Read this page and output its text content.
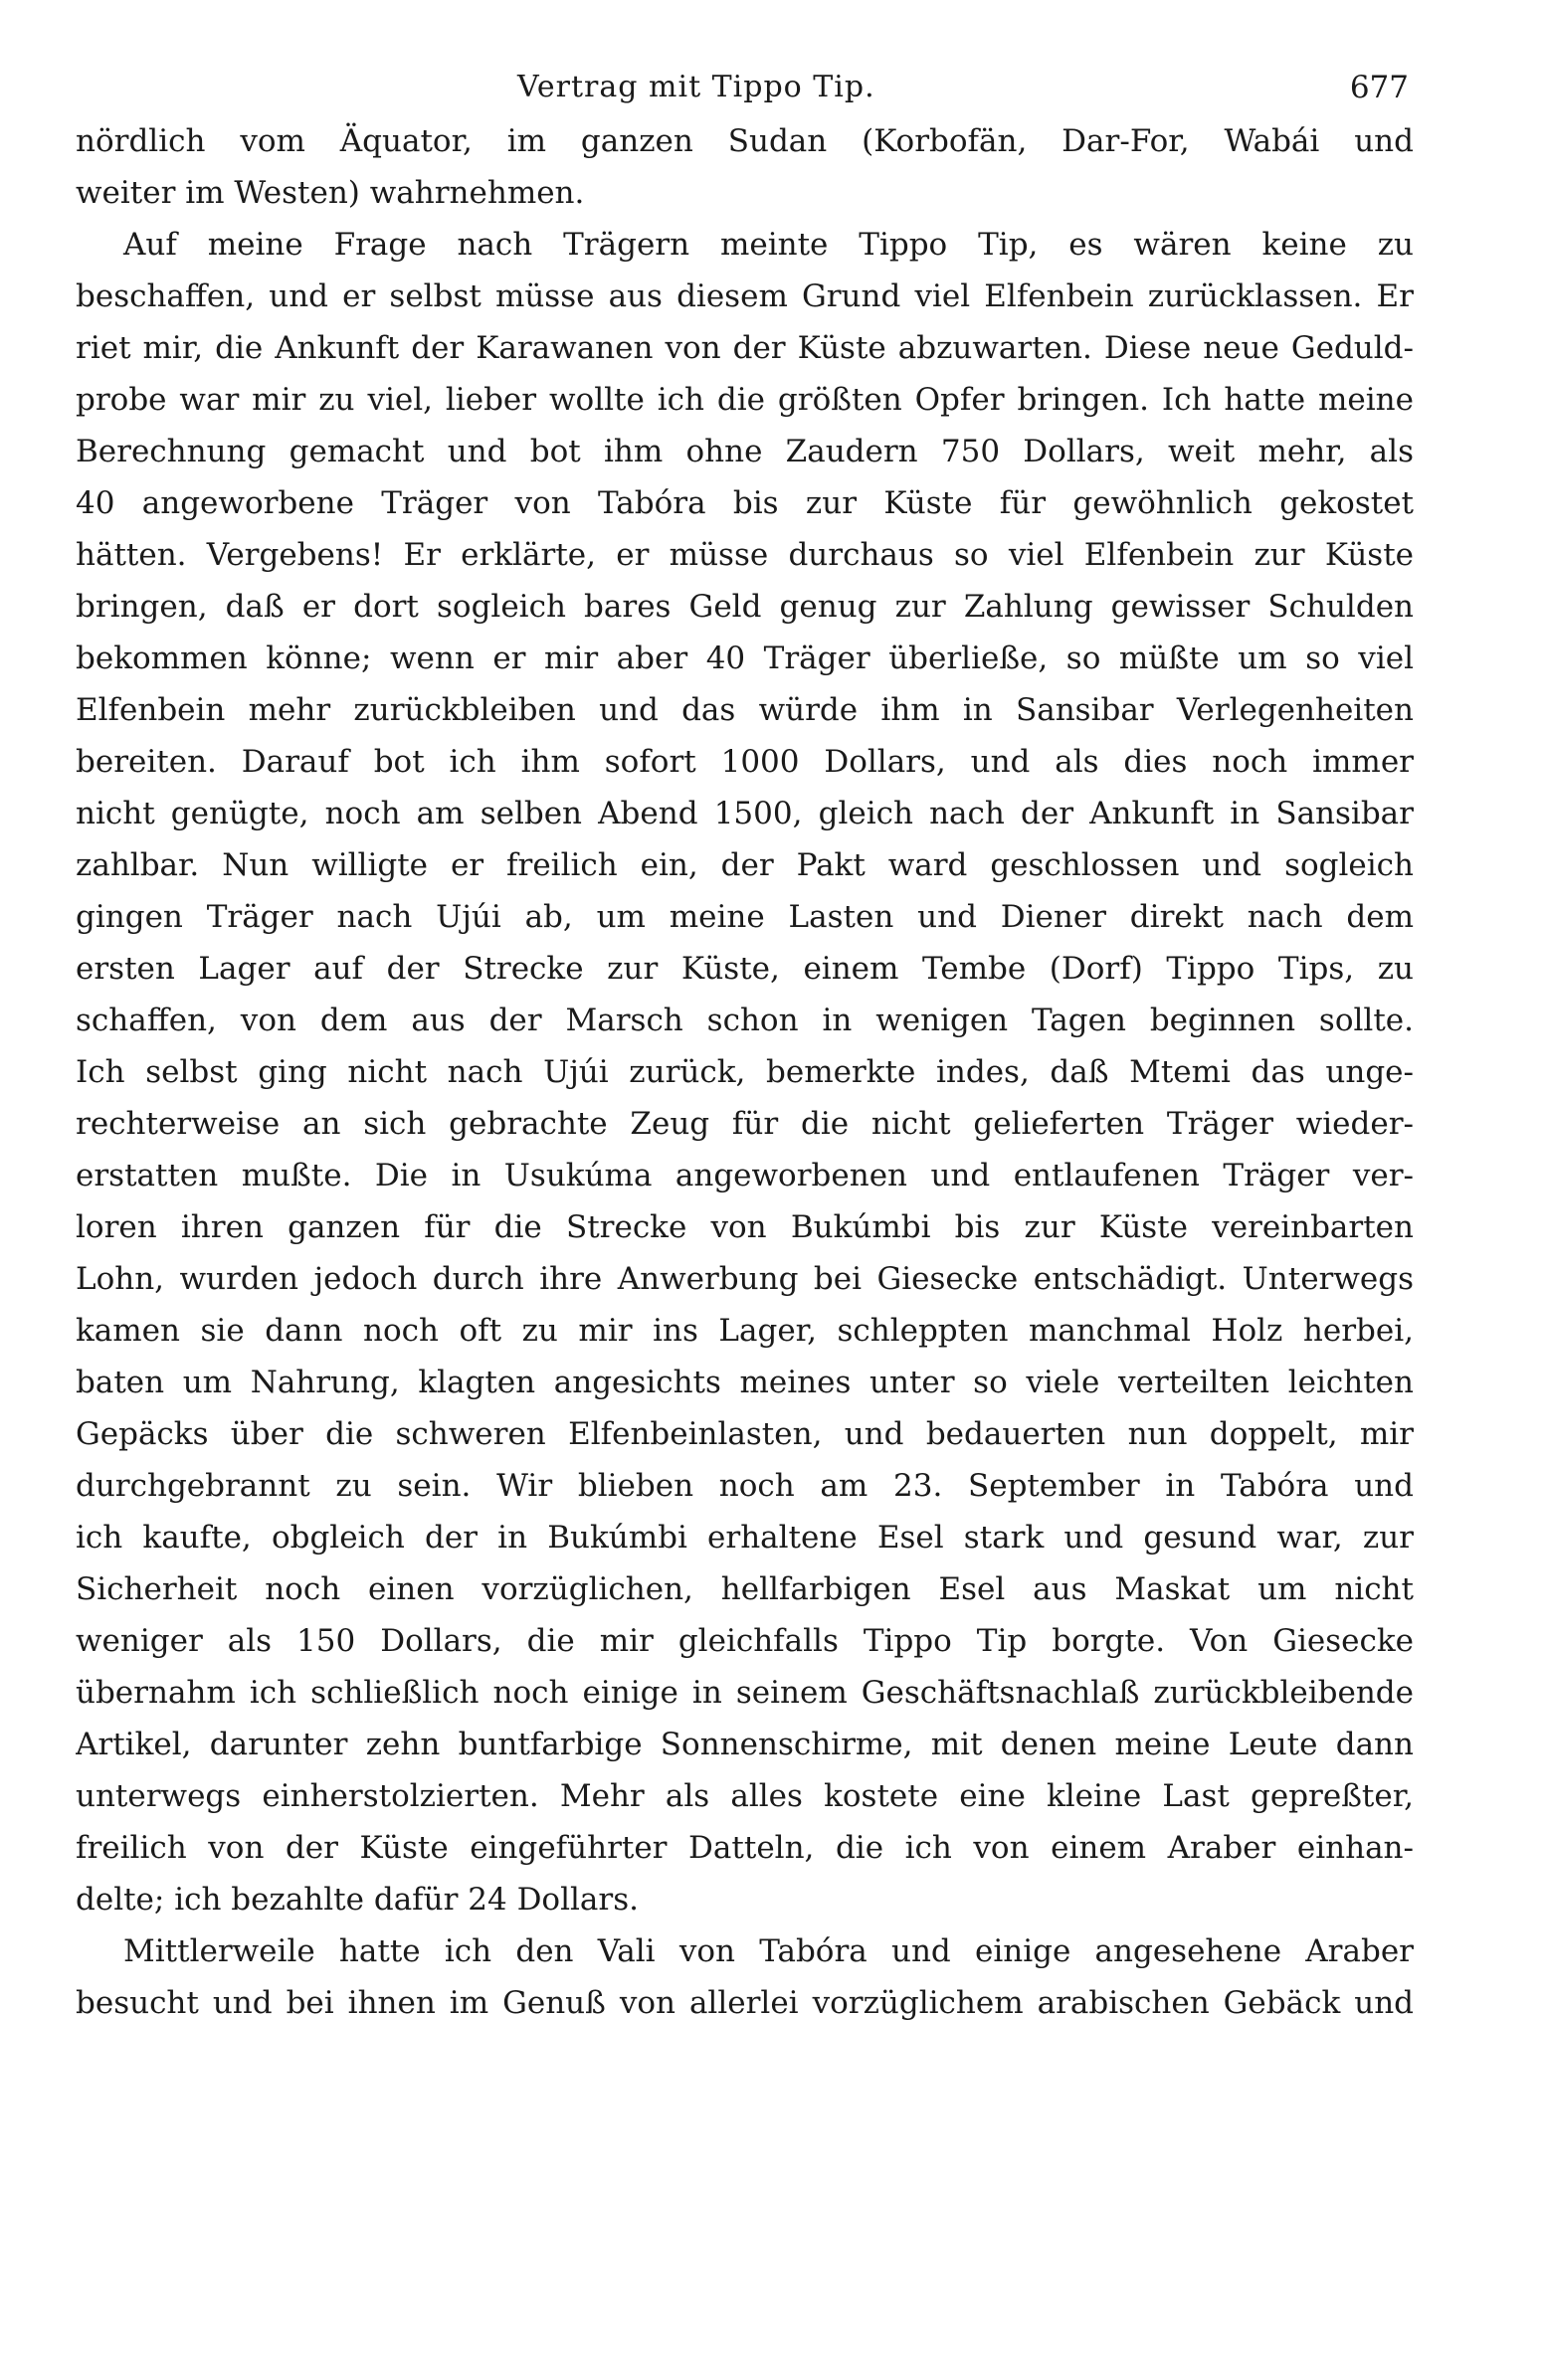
Vertrag mit Tippo Tip.	677
nördlich vom Äquator, im ganzen Sudan (Korbofän, Dar-For, Wabái und
weiter im Westen) wahrnehmen.
Auf meine Frage nach Trägern meinte Tippo Tip, es wären keine zu
beschaffen, und er selbst müsse aus diesem Grund viel Elfenbein zurücklassen. Er
riet mir, die Ankunft der Karawanen von der Küste abzuwarten. Diese neue Geduld-
probe war mir zu viel, lieber wollte ich die größten Opfer bringen. Ich hatte meine
Berechnung gemacht und bot ihm ohne Zaudern 750 Dollars, weit mehr, als
40 angeworbene Träger von Tabóra bis zur Küste für gewöhnlich gekostet
hätten. Vergebens! Er erklärte, er müsse durchaus so viel Elfenbein zur Küste
bringen, daß er dort sogleich bares Geld genug zur Zahlung gewisser Schulden
bekommen könne; wenn er mir aber 40 Träger überließe, so müßte um so viel
Elfenbein mehr zurückbleiben und das würde ihm in Sansibar Verlegenheiten
bereiten. Darauf bot ich ihm sofort 1000 Dollars, und als dies noch immer
nicht genügte, noch am selben Abend 1500, gleich nach der Ankunft in Sansibar
zahlbar. Nun willigte er freilich ein, der Pakt ward geschlossen und sogleich
gingen Träger nach Ujúi ab, um meine Lasten und Diener direkt nach dem
ersten Lager auf der Strecke zur Küste, einem Tembe (Dorf) Tippo Tips, zu
schaffen, von dem aus der Marsch schon in wenigen Tagen beginnen sollte.
Ich selbst ging nicht nach Ujúi zurück, bemerkte indes, daß Mtemi das unge-
rechterweise an sich gebrachte Zeug für die nicht gelieferten Träger wieder-
erstatten mußte. Die in Usukúma angeworbenen und entlaufenen Träger ver-
loren ihren ganzen für die Strecke von Bukúmbi bis zur Küste vereinbarten
Lohn, wurden jedoch durch ihre Anwerbung bei Giesecke entschädigt. Unterwegs
kamen sie dann noch oft zu mir ins Lager, schleppten manchmal Holz herbei,
baten um Nahrung, klagten angesichts meines unter so viele verteilten leichten
Gepäcks über die schweren Elfenbeinlasten, und bedauerten nun doppelt, mir
durchgebrannt zu sein. Wir blieben noch am 23. September in Tabóra und
ich kaufte, obgleich der in Bukúmbi erhaltene Esel stark und gesund war, zur
Sicherheit noch einen vorzüglichen, hellfarbigen Esel aus Maskat um nicht
weniger als 150 Dollars, die mir gleichfalls Tippo Tip borgte. Von Giesecke
übernahm ich schließlich noch einige in seinem Geschäftsnachlaß zurückbleibende
Artikel, darunter zehn buntfarbige Sonnenschirme, mit denen meine Leute dann
unterwegs einherstolzierten. Mehr als alles kostete eine kleine Last gepreßter,
freilich von der Küste eingeführter Datteln, die ich von einem Araber einhan-
delte; ich bezahlte dafür 24 Dollars.
Mittlerweile hatte ich den Vali von Tabóra und einige angesehene Araber
besucht und bei ihnen im Genuß von allerlei vorzüglichem arabischen Gebäck und
